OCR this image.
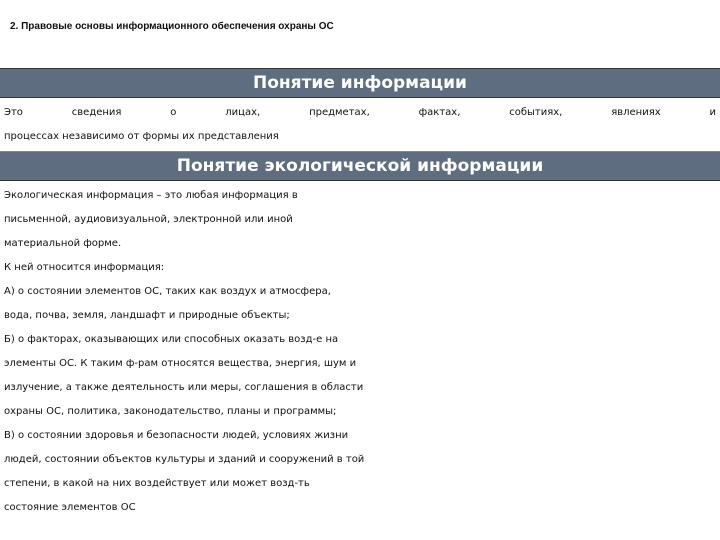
2. Правовые основы информационного обеспечения охраны ОС
Понятие информации
Это сведения о лицах, предметах, фактах, событиях, явлениях и
процессах независимо от формы их представления
Понятие экологической информации
Экологическая информация – это любая информация в
письменной, аудиовизуальной, электронной или иной
материальной форме.
К ней относится информация:
А) о состоянии элементов ОС, таких как воздух и атмосфера,
вода, почва, земля, ландшафт и природные объекты;
Б) о факторах, оказывающих или способных оказать возд-е на
элементы ОС. К таким ф-рам относятся вещества, энергия, шум и
излучение, а также деятельность или меры, соглашения в области
охраны ОС, политика, законодательство, планы и программы;
В) о состоянии здоровья и безопасности людей, условиях жизни
людей, состоянии объектов культуры и зданий и сооружений в той
степени, в какой на них воздействует или может возд-ть
состояние элементов ОС
